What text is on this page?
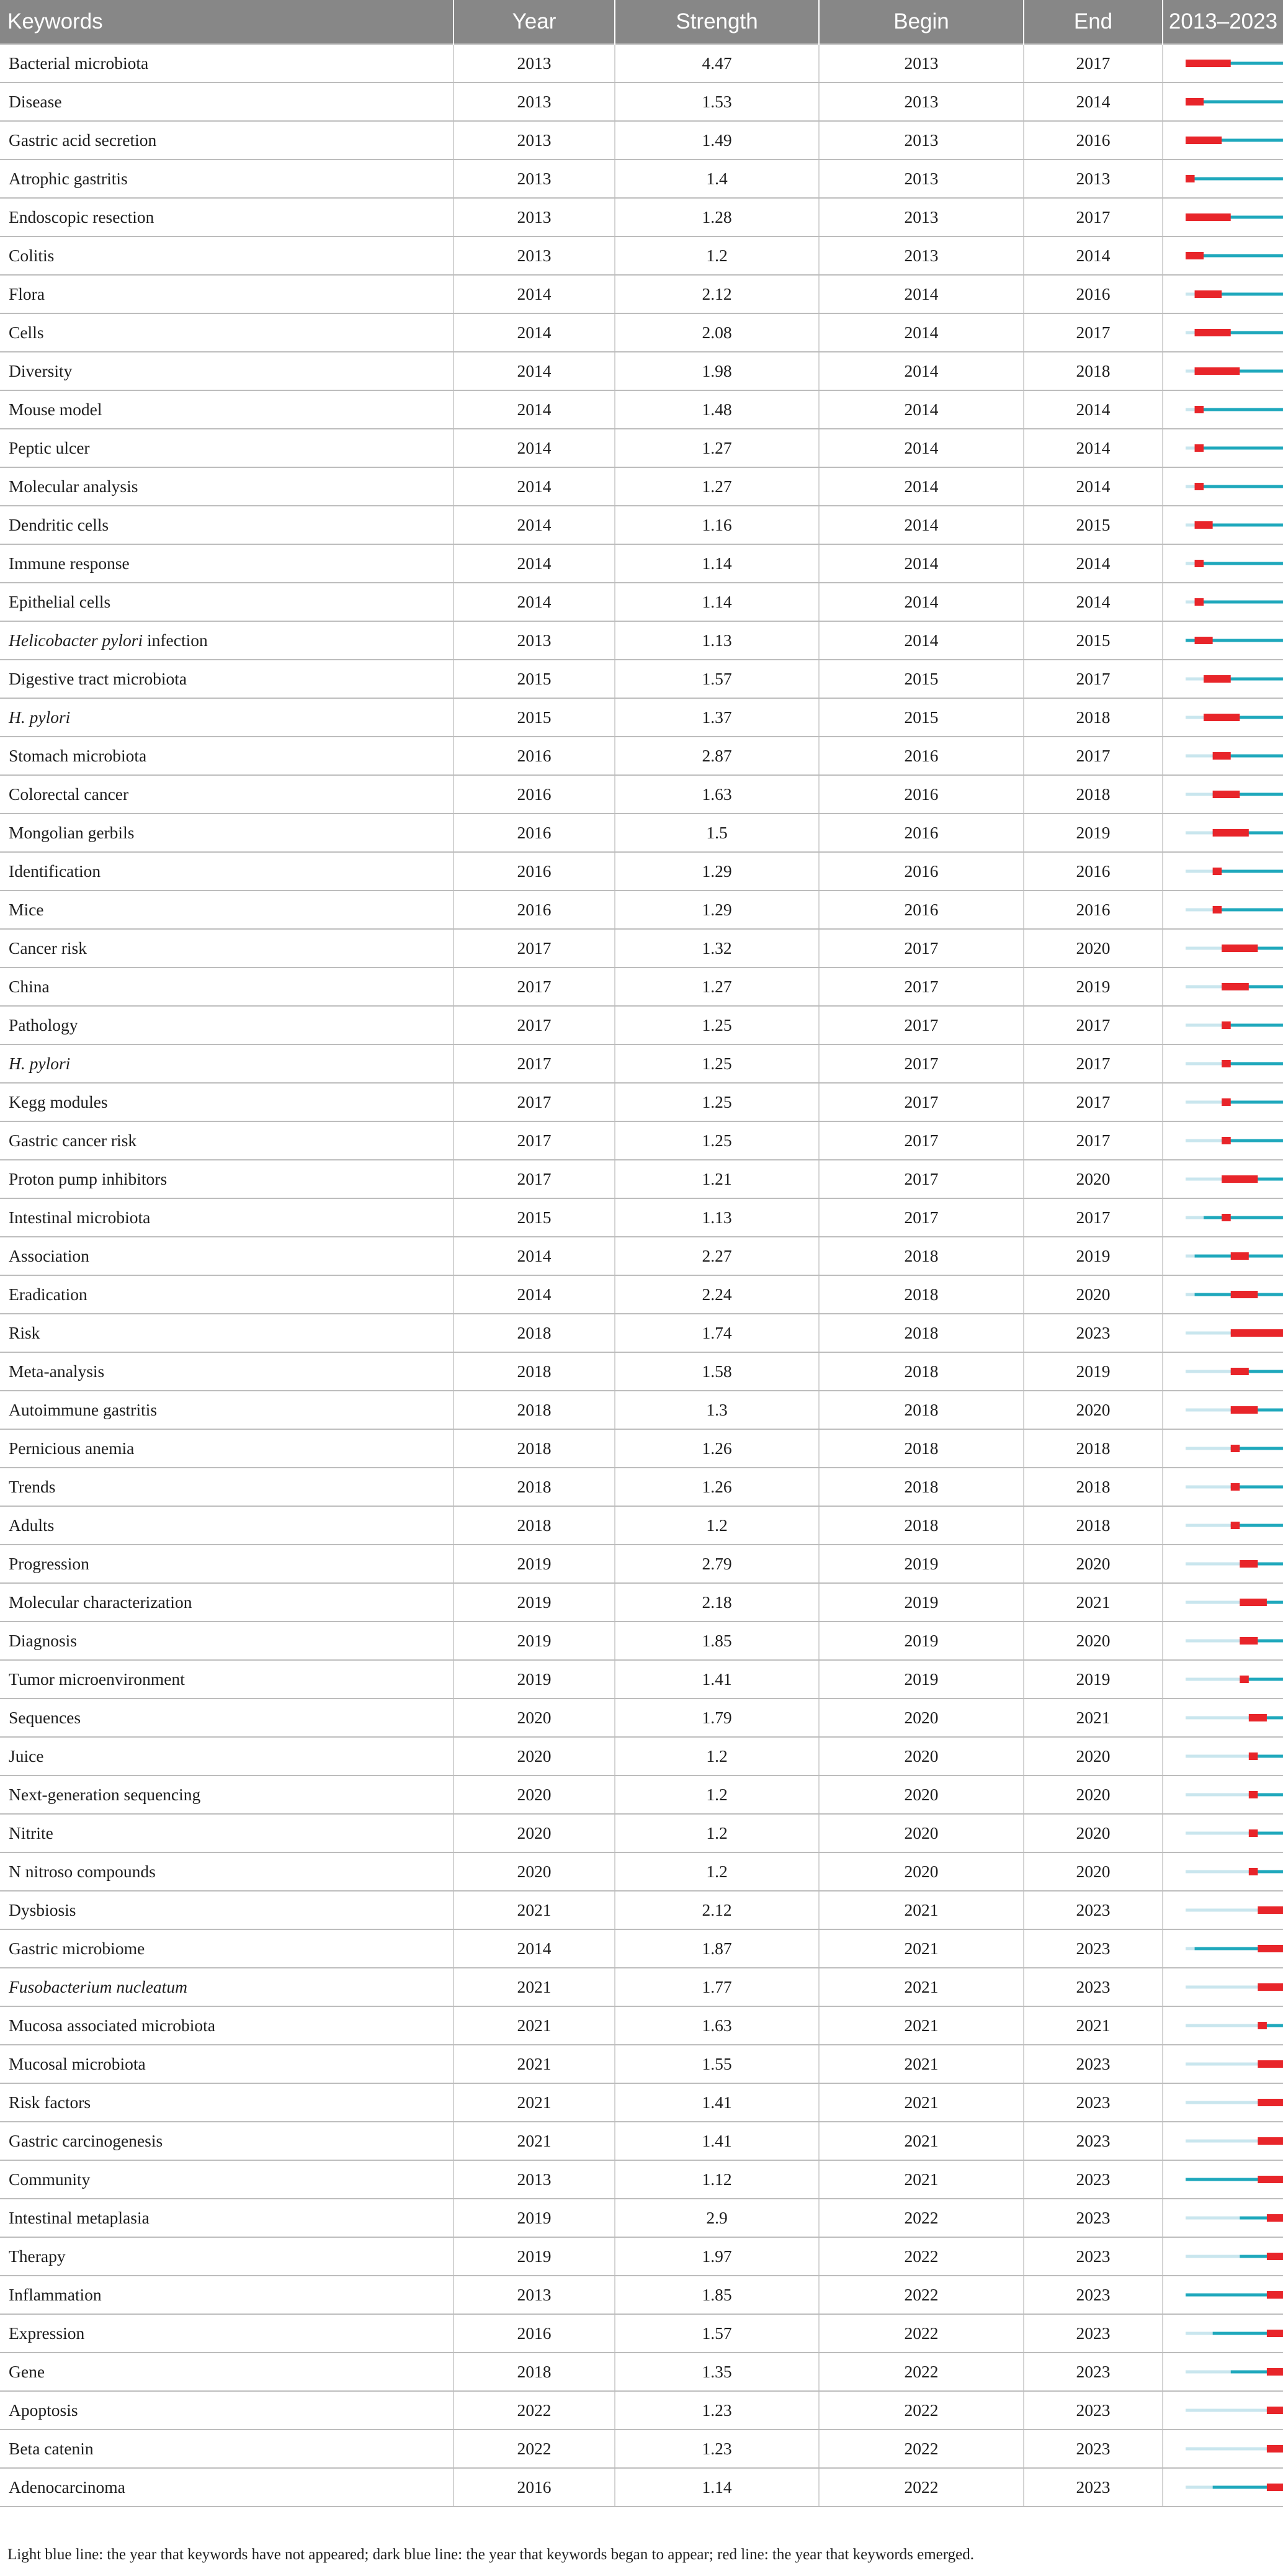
Keywords	Year	Strength	Begin	End	2013–2023
Bacterial microbiota	2013	4.47	2013	2017	

Disease	2013	1.53	2013	2014	

Gastric acid secretion	2013	1.49	2013	2016	

Atrophic gastritis	2013	1.4	2013	2013	

Endoscopic resection	2013	1.28	2013	2017	

Colitis	2013	1.2	2013	2014	

Flora	2014	2.12	2014	2016	

Cells	2014	2.08	2014	2017	

Diversity	2014	1.98	2014	2018	

Mouse model	2014	1.48	2014	2014	

Peptic ulcer	2014	1.27	2014	2014	

Molecular analysis	2014	1.27	2014	2014	

Dendritic cells	2014	1.16	2014	2015	

Immune response	2014	1.14	2014	2014	

Epithelial cells	2014	1.14	2014	2014	

Helicobacter pylori infection	2013	1.13	2014	2015	

Digestive tract microbiota	2015	1.57	2015	2017	

H. pylori	2015	1.37	2015	2018	

Stomach microbiota	2016	2.87	2016	2017	

Colorectal cancer	2016	1.63	2016	2018	

Mongolian gerbils	2016	1.5	2016	2019	

Identification	2016	1.29	2016	2016	

Mice	2016	1.29	2016	2016	

Cancer risk	2017	1.32	2017	2020	

China	2017	1.27	2017	2019	

Pathology	2017	1.25	2017	2017	

H. pylori	2017	1.25	2017	2017	

Kegg modules	2017	1.25	2017	2017	

Gastric cancer risk	2017	1.25	2017	2017	

Proton pump inhibitors	2017	1.21	2017	2020	

Intestinal microbiota	2015	1.13	2017	2017	

Association	2014	2.27	2018	2019	

Eradication	2014	2.24	2018	2020	

Risk	2018	1.74	2018	2023	

Meta-analysis	2018	1.58	2018	2019	

Autoimmune gastritis	2018	1.3	2018	2020	

Pernicious anemia	2018	1.26	2018	2018	

Trends	2018	1.26	2018	2018	

Adults	2018	1.2	2018	2018	

Progression	2019	2.79	2019	2020	

Molecular characterization	2019	2.18	2019	2021	

Diagnosis	2019	1.85	2019	2020	

Tumor microenvironment	2019	1.41	2019	2019	

Sequences	2020	1.79	2020	2021	

Juice	2020	1.2	2020	2020	

Next-generation sequencing	2020	1.2	2020	2020	

Nitrite	2020	1.2	2020	2020	

N nitroso compounds	2020	1.2	2020	2020	

Dysbiosis	2021	2.12	2021	2023	

Gastric microbiome	2014	1.87	2021	2023	

Fusobacterium nucleatum	2021	1.77	2021	2023	

Mucosa associated microbiota	2021	1.63	2021	2021	

Mucosal microbiota	2021	1.55	2021	2023	

Risk factors	2021	1.41	2021	2023	

Gastric carcinogenesis	2021	1.41	2021	2023	

Community	2013	1.12	2021	2023	

Intestinal metaplasia	2019	2.9	2022	2023	

Therapy	2019	1.97	2022	2023	

Inflammation	2013	1.85	2022	2023	

Expression	2016	1.57	2022	2023	

Gene	2018	1.35	2022	2023	

Apoptosis	2022	1.23	2022	2023	

Beta catenin	2022	1.23	2022	2023	

Adenocarcinoma	2016	1.14	2022	2023	
Light blue line: the year that keywords have not appeared; dark blue line: the year that keywords began to appear; red line: the year that keywords emerged.
